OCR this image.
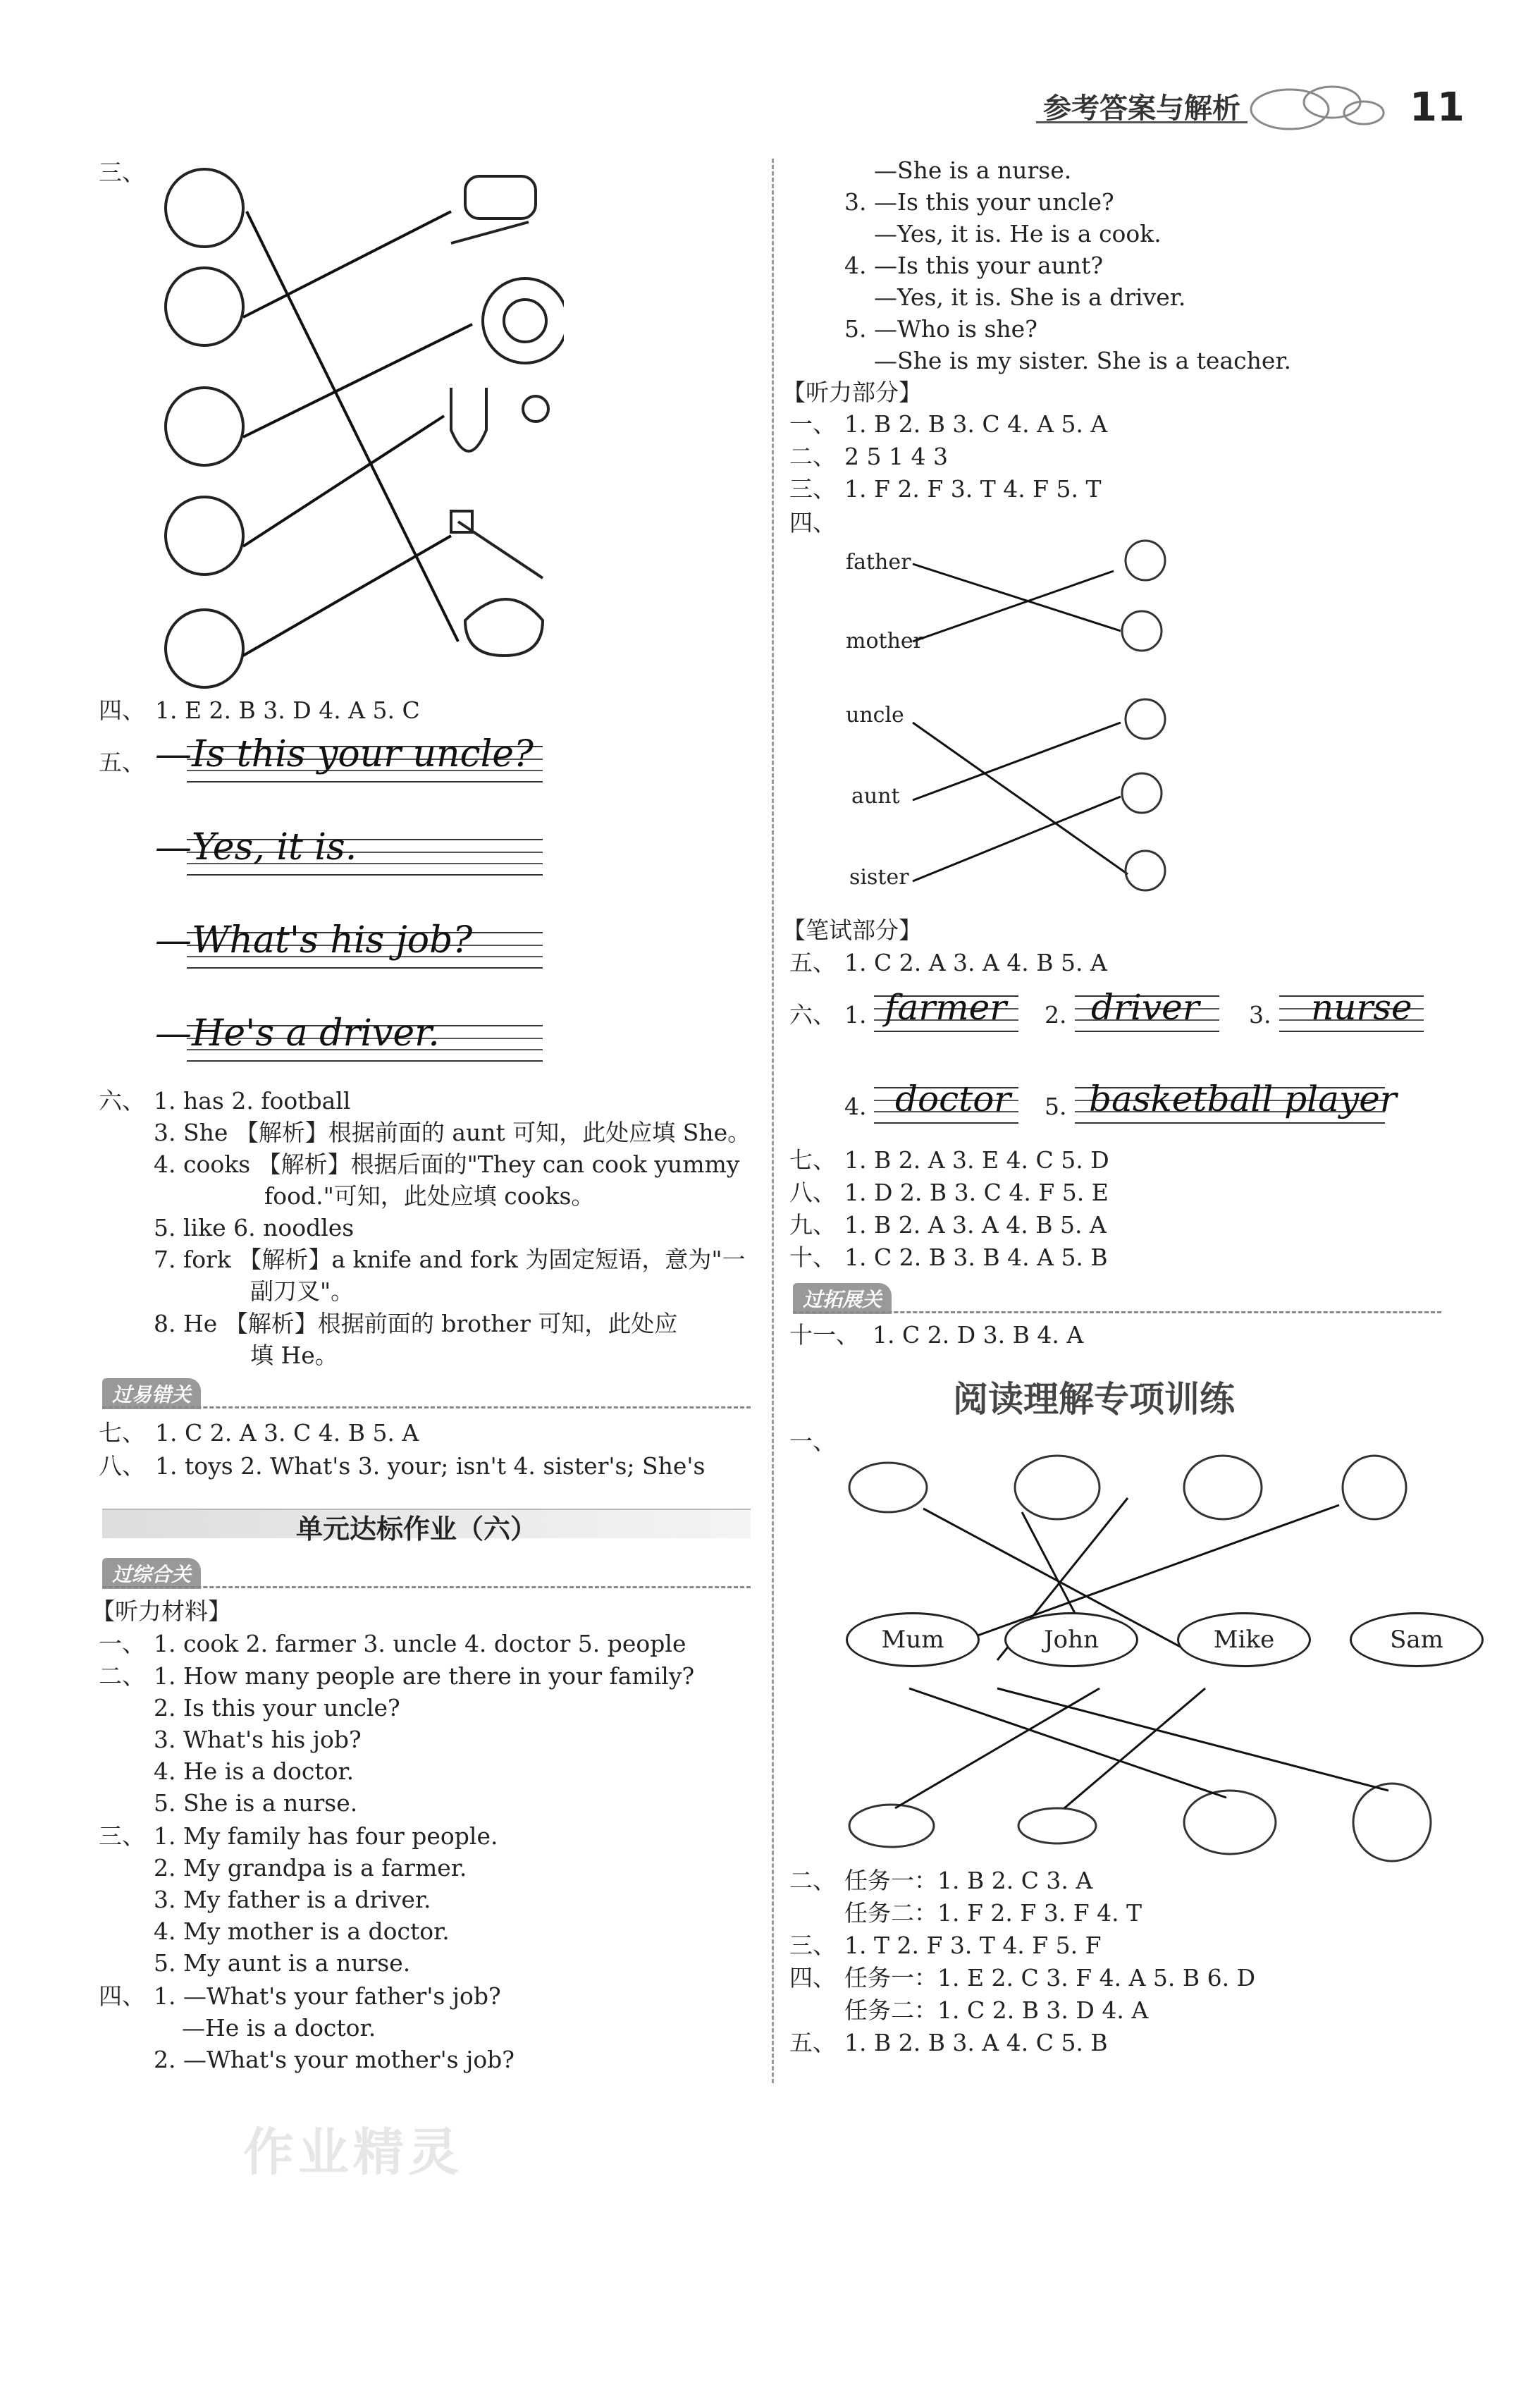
参考答案与解析	11
三、
四、 1. E 2. B 3. D 4. A 5. C
五、 —Is this your uncle?
—Yes, it is.
—What's his job?
—He's a driver.
六、 1. has 2. football
3. She 【解析】根据前面的 aunt 可知，此处应填 She。
4. cooks 【解析】根据后面的"They can cook yummy
food."可知，此处应填 cooks。
5. like 6. noodles
7. fork 【解析】a knife and fork 为固定短语，意为"一
副刀叉"。
8. He 【解析】根据前面的 brother 可知，此处应
填 He。
过易错关
七、 1. C 2. A 3. C 4. B 5. A
八、 1. toys 2. What's 3. your; isn't 4. sister's; She's
单元达标作业（六）
过综合关
【听力材料】
一、 1. cook 2. farmer 3. uncle 4. doctor 5. people
二、 1. How many people are there in your family?
2. Is this your uncle?
3. What's his job?
4. He is a doctor.
5. She is a nurse.
三、 1. My family has four people.
2. My grandpa is a farmer.
3. My father is a driver.
4. My mother is a doctor.
5. My aunt is a nurse.
四、 1. —What's your father's job?
—He is a doctor.
2. —What's your mother's job?
作业精灵
—She is a nurse.
3. —Is this your uncle?
—Yes, it is. He is a cook.
4. —Is this your aunt?
—Yes, it is. She is a driver.
5. —Who is she?
—She is my sister. She is a teacher.
【听力部分】
一、 1. B 2. B 3. C 4. A 5. A
二、 2 5 1 4 3
三、 1. F 2. F 3. T 4. F 5. T
四、
father
mother
uncle
aunt
sister
【笔试部分】
五、 1. C 2. A 3. A 4. B 5. A
六、 1. farmer 2. driver 3. nurse
4. doctor 5. basketball player
七、 1. B 2. A 3. E 4. C 5. D
八、 1. D 2. B 3. C 4. F 5. E
九、 1. B 2. A 3. A 4. B 5. A
十、 1. C 2. B 3. B 4. A 5. B
过拓展关
十一、 1. C 2. D 3. B 4. A
阅读理解专项训练
一、
Mum	John	Mike	Sam
二、 任务一：1. B 2. C 3. A
任务二：1. F 2. F 3. F 4. T
三、 1. T 2. F 3. T 4. F 5. F
四、 任务一：1. E 2. C 3. F 4. A 5. B 6. D
任务二：1. C 2. B 3. D 4. A
五、 1. B 2. B 3. A 4. C 5. B
